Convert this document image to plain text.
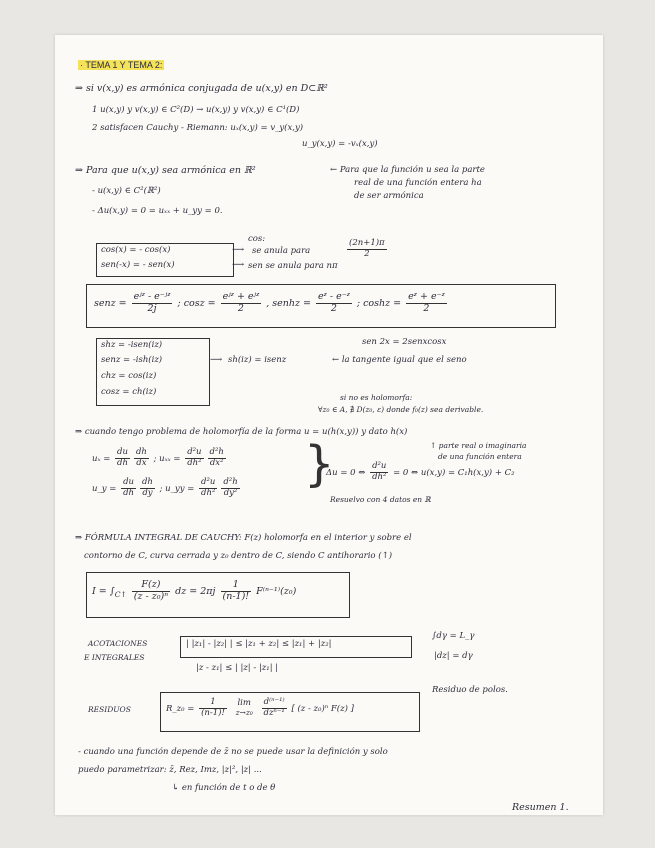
· TEMA 1 Y TEMA 2:
⇒ si v(x,y) es armónica conjugada de u(x,y) en D⊂ℝ²
1 u(x,y) y v(x,y) ∈ C²(D) → u(x,y) y v(x,y) ∈ C¹(D)
2 satisfacen Cauchy - Riemann: uₓ(x,y) = v_y(x,y)
u_y(x,y) = -vₓ(x,y)
⇒ Para que u(x,y) sea armónica en ℝ²	← Para que la función u sea la parte
real de una función entera ha
de ser armónica
- u(x,y) ∈ C²(ℝ²)
- Δu(x,y) = 0 = uₓₓ + u_yy = 0.
cos(x) = - cos(x)
sen(-x) = - sen(x)
⟶
⟶
cos:
se anula para	$\frac{(2n+1)\pi}{2}$
sen se anula para nπ
senz = $\frac{\text{eʲᶻ - e⁻ʲᶻ}}{2j}$ ; $\cos z = \frac{\text{eʲᶻ + eʲᶻ}}{2}$ , senhz = $\frac{\text{eᶻ - e⁻ᶻ}}{2}$ ; $\cosh z = \frac{\text{eᶻ + e⁻ᶻ}}{2}$
shz = -isen(iz)
senz = -ish(iz)
chz = cos(iz)
cosz = ch(iz)
⟶ sh(iz) = isenz
sen 2x = 2senxcosx
← la tangente igual que el seno
si no es holomorfa:
∀z₀ ∈ A, ∄ D(z₀, ε) donde f₀(z) sea derivable.
⇒ cuando tengo problema de holomorfía de la forma u = u(h(x,y)) y dato h(x)
↑ parte real o imaginaria
de una función entera
$u_x = \frac{du}{dh} \frac{dh}{dx}$ ; $u_{xx} = \frac{\text{d²u}}{\text{dh²}} \frac{\text{d²h}}{\text{dx²}}$
u_y = $\frac{du}{dh} \frac{dh}{dy}$ ; u_yy = $\frac{\text{d²u}}{\text{dh²}} \frac{\text{d²h}}{\text{dy²}}$ }
Δu = 0 ⇔ $\frac{\text{d²u}}{\text{dh²}} = 0$ ⇔ u(x,y) = C₁h(x,y) + C₂
Resuelvo con 4 datos en ℝ
⇒ FÓRMULA INTEGRAL DE CAUCHY: F(z) holomorfa en el interior y sobre el
contorno de C, curva cerrada y z₀ dentro de C, siendo C antihorario (↑)
$I = \int_{C↑} \frac{F(z)}{\text{(z - z₀)ⁿ}}$ dz = $2\pi j \frac{1}{(n-1)!} F^{(n-1)}(z_0)$
ACOTACIONES
E INTEGRALES
| |z₁| - |z₂| | ≤ |z₁ + z₂| ≤ |z₁| + |z₂|
|z - z₁| ≤ | |z| - |z₁| |
∫dγ = L_γ
|dz| = dγ
RESIDUOS	R_z₀ = $\frac{1}{(n-1)!}$
	lim
z→z₀
$\frac{\text{d⁽ⁿ⁻¹⁾}}{\text{dzⁿ⁻¹}}$ [ (z - z₀)ⁿ F(z) ]
Residuo de polos.
- cuando una función depende de z̄ no se puede usar la definición y solo
puedo parametrizar: z̄, Rez, Imz, |z|², |z| ...
↳ en función de t o de θ
Resumen 1.
